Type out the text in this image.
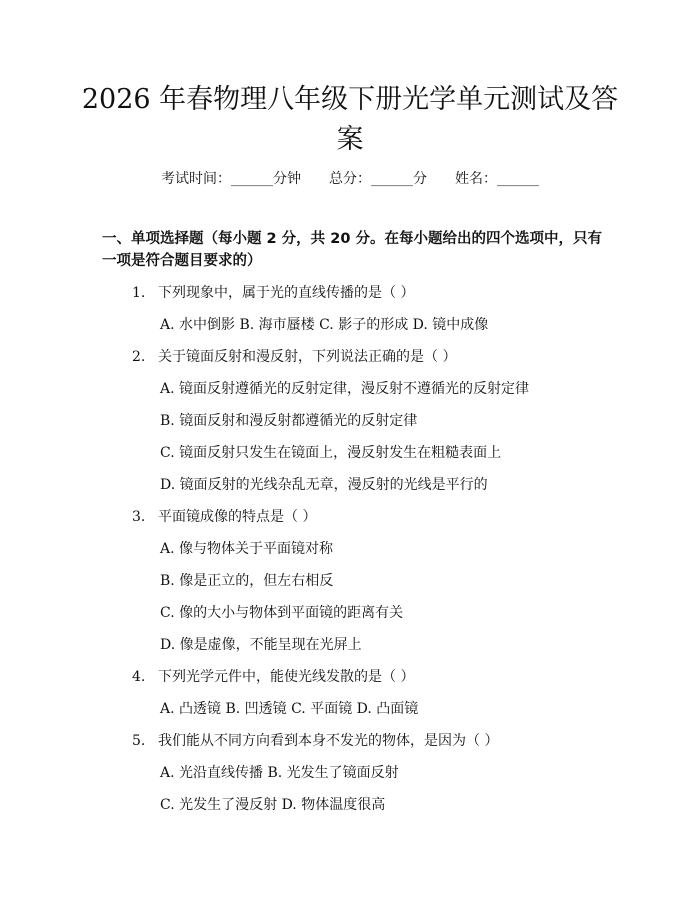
2026 年春物理八年级下册光学单元测试及答
案
考试时间：______分钟 总分：______分 姓名：______
一、单项选择题（每小题 2 分，共 20 分。在每小题给出的四个选项中，只有一项是符合题目要求的）
1. 下列现象中，属于光的直线传播的是（ ）
A. 水中倒影 B. 海市蜃楼 C. 影子的形成 D. 镜中成像
2. 关于镜面反射和漫反射，下列说法正确的是（ ）
A. 镜面反射遵循光的反射定律，漫反射不遵循光的反射定律
B. 镜面反射和漫反射都遵循光的反射定律
C. 镜面反射只发生在镜面上，漫反射发生在粗糙表面上
D. 镜面反射的光线杂乱无章，漫反射的光线是平行的
3. 平面镜成像的特点是（ ）
A. 像与物体关于平面镜对称
B. 像是正立的，但左右相反
C. 像的大小与物体到平面镜的距离有关
D. 像是虚像，不能呈现在光屏上
4. 下列光学元件中，能使光线发散的是（ ）
A. 凸透镜 B. 凹透镜 C. 平面镜 D. 凸面镜
5. 我们能从不同方向看到本身不发光的物体，是因为（ ）
A. 光沿直线传播 B. 光发生了镜面反射
C. 光发生了漫反射 D. 物体温度很高
